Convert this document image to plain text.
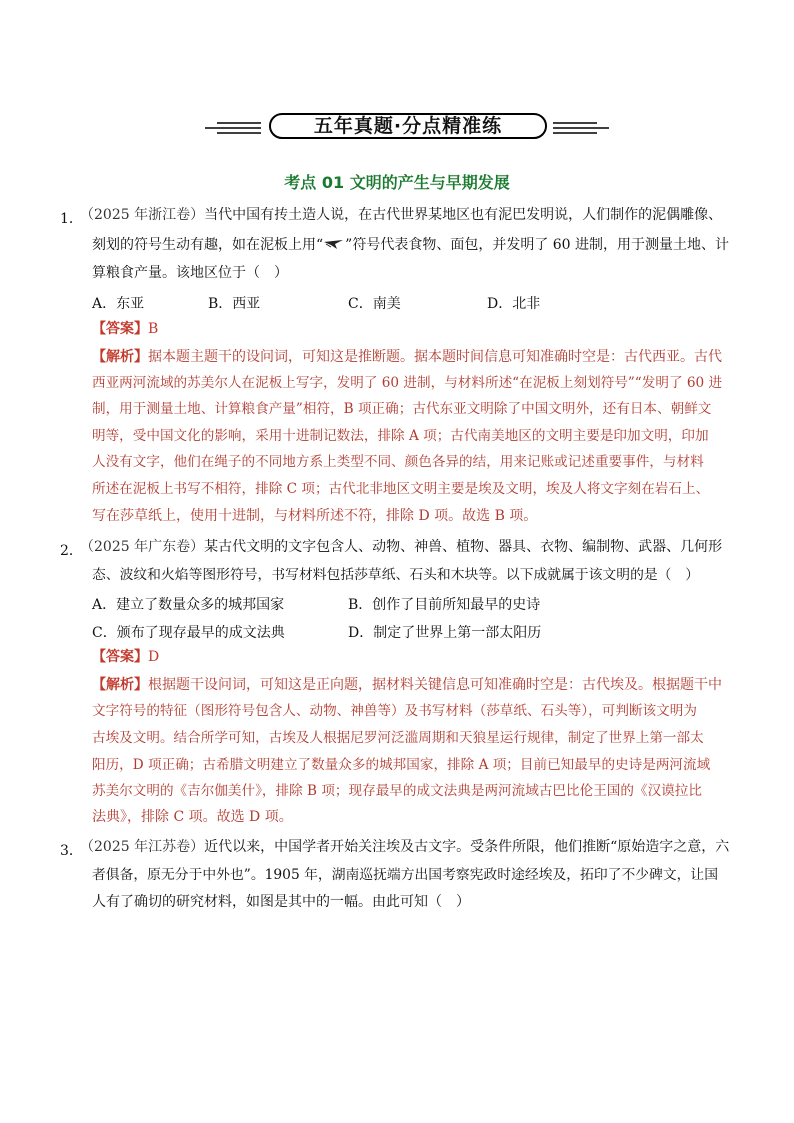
五年真题·分点精准练
考点 01 文明的产生与早期发展
1．
（2025 年浙江卷）当代中国有抟土造人说，在古代世界某地区也有泥巴发明说，人们制作的泥偶雕像、
刻划的符号生动有趣，如在泥板上用“ ”符号代表食物、面包，并发明了 60 进制，用于测量土地、计
算粮食产量。该地区位于（　）
A．东亚	B．西亚	C．南美	D．北非
【答案】B
【解析】据本题主题干的设问词，可知这是推断题。据本题时间信息可知准确时空是：古代西亚。古代
西亚两河流域的苏美尔人在泥板上写字，发明了 60 进制，与材料所述“在泥板上刻划符号”“发明了 60 进
制，用于测量土地、计算粮食产量”相符，B 项正确；古代东亚文明除了中国文明外，还有日本、朝鲜文
明等，受中国文化的影响，采用十进制记数法，排除 A 项；古代南美地区的文明主要是印加文明，印加
人没有文字，他们在绳子的不同地方系上类型不同、颜色各异的结，用来记账或记述重要事件，与材料
所述在泥板上书写不相符，排除 C 项；古代北非地区文明主要是埃及文明，埃及人将文字刻在岩石上、
写在莎草纸上，使用十进制，与材料所述不符，排除 D 项。故选 B 项。
2．
（2025 年广东卷）某古代文明的文字包含人、动物、神兽、植物、器具、衣物、编制物、武器、几何形
态、波纹和火焰等图形符号，书写材料包括莎草纸、石头和木块等。以下成就属于该文明的是（　）
A．建立了数量众多的城邦国家	B．创作了目前所知最早的史诗
C．颁布了现存最早的成文法典	D．制定了世界上第一部太阳历
【答案】D
【解析】根据题干设问词，可知这是正向题，据材料关键信息可知准确时空是：古代埃及。根据题干中
文字符号的特征（图形符号包含人、动物、神兽等）及书写材料（莎草纸、石头等），可判断该文明为
古埃及文明。结合所学可知，古埃及人根据尼罗河泛滥周期和天狼星运行规律，制定了世界上第一部太
阳历，D 项正确；古希腊文明建立了数量众多的城邦国家，排除 A 项；目前已知最早的史诗是两河流域
苏美尔文明的《吉尔伽美什》，排除 B 项；现存最早的成文法典是两河流域古巴比伦王国的《汉谟拉比
法典》，排除 C 项。故选 D 项。
3．
（2025 年江苏卷）近代以来，中国学者开始关注埃及古文字。受条件所限，他们推断“原始造字之意，六
者俱备，原无分于中外也”。1905 年，湖南巡抚端方出国考察宪政时途经埃及，拓印了不少碑文，让国
人有了确切的研究材料，如图是其中的一幅。由此可知（　）
